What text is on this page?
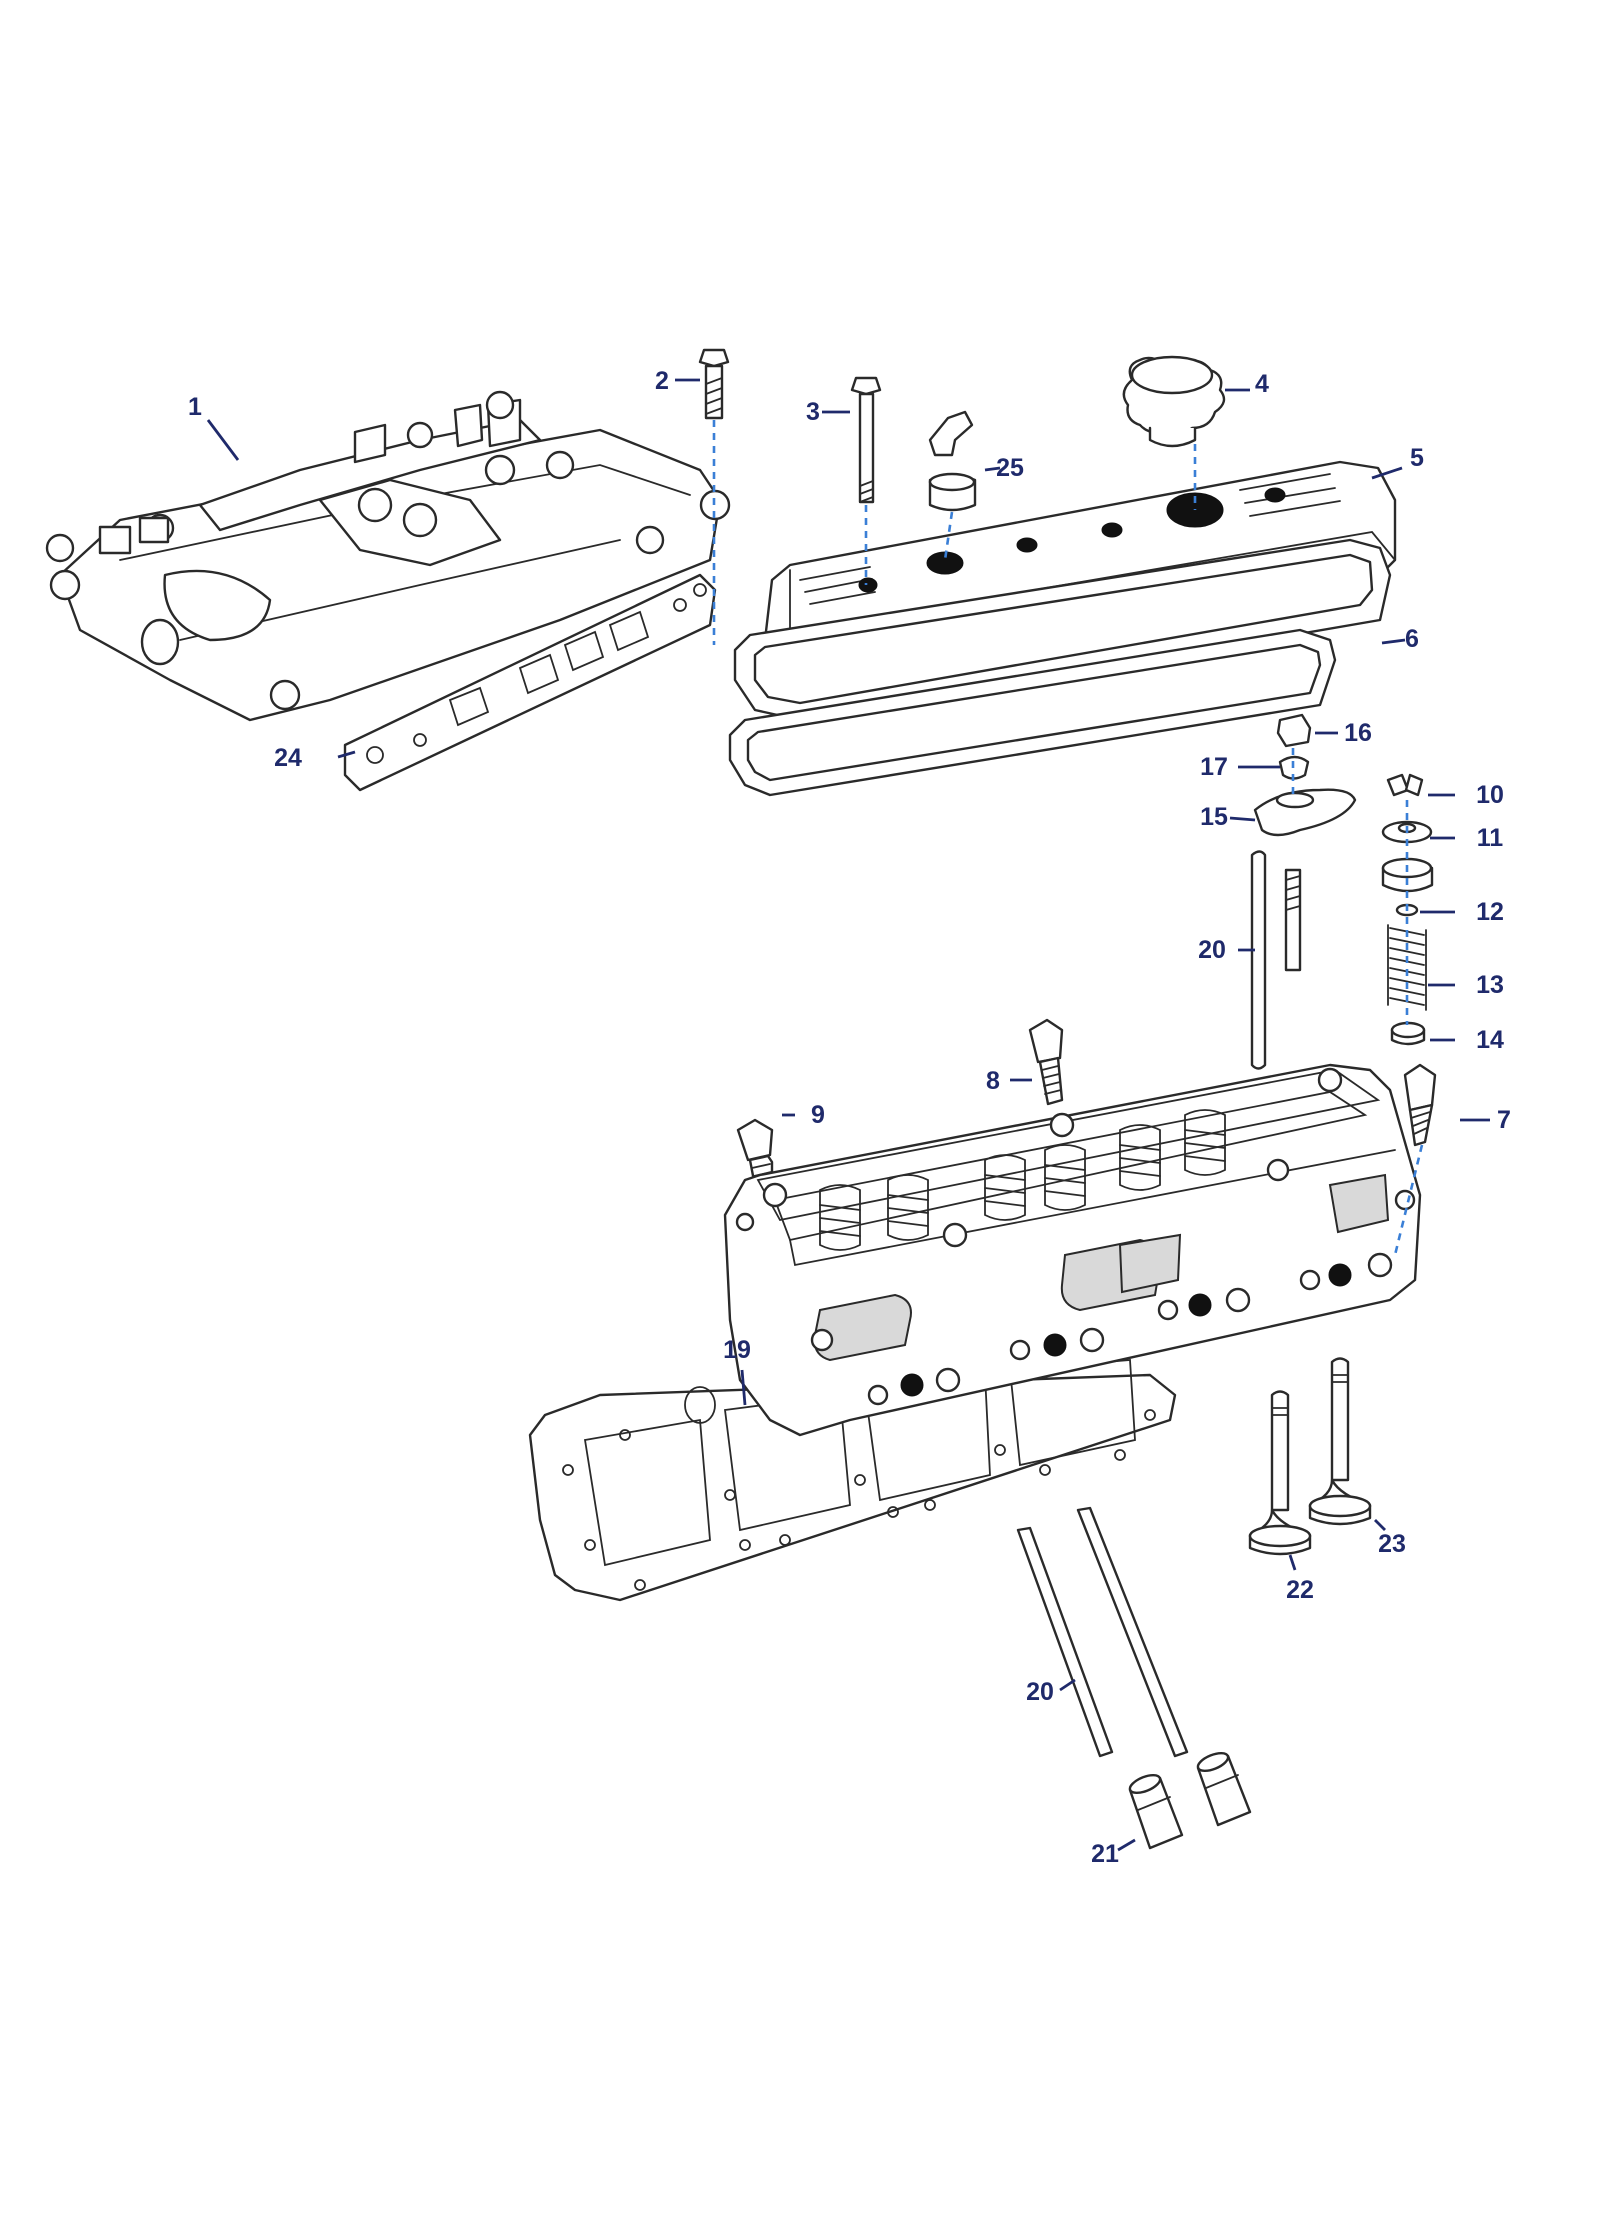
1
2
3
4
5
6
7
8
9
10
11
12
13
14
15
16
17
19
20
20
21
22
23
24
25
